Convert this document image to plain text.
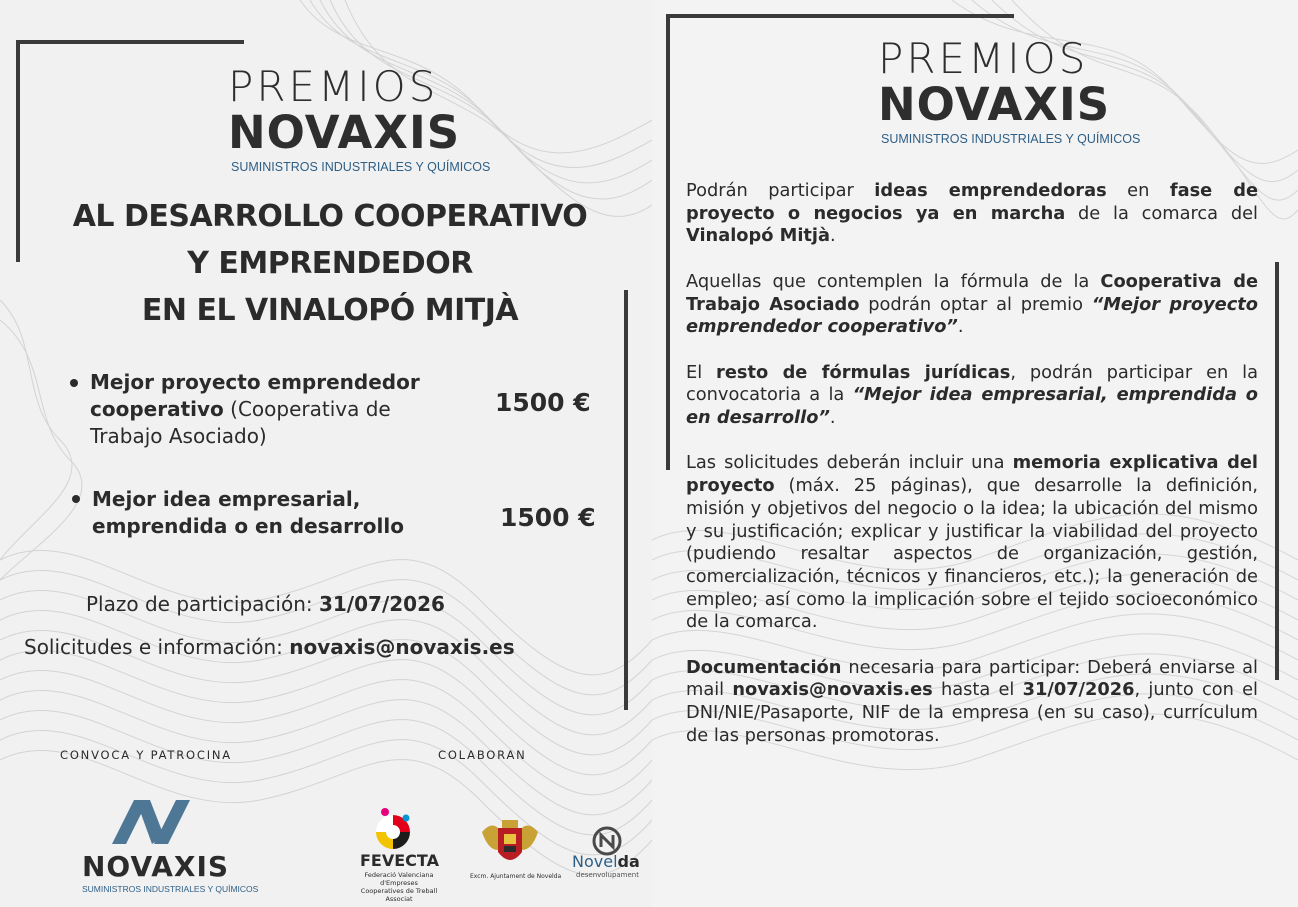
PREMIOS
NOVAXIS
SUMINISTROS INDUSTRIALES Y QUÍMICOS
AL DESARROLLO COOPERATIVO
Y EMPRENDEDOR
EN EL VINALOPÓ MITJÀ
Mejor proyecto emprendedor cooperativo (Cooperativa de Trabajo Asociado)
1500 €
Mejor idea empresarial, emprendida o en desarrollo	1500 €
Plazo de participación: 31/07/2026
Solicitudes e información: novaxis@novaxis.es
CONVOCA Y PATROCINA	COLABORAN
NOVAXIS
SUMINISTROS INDUSTRIALES Y QUÍMICOS
FEVECTA
Federació Valenciana d'Empreses
Cooperatives de Treball Associat
Excm. Ajuntament de Novelda
Novelda
desenvolupament
PREMIOS
NOVAXIS
SUMINISTROS INDUSTRIALES Y QUÍMICOS

Podrán participar ideas emprendedoras en fase de proyecto o negocios ya en marcha de la comarca del Vinalopó Mitjà.

Aquellas que contemplen la fórmula de la Cooperativa de Trabajo Asociado podrán optar al premio “Mejor proyecto emprendedor cooperativo”.

El resto de fórmulas jurídicas, podrán participar en la convocatoria a la “Mejor idea empresarial, emprendida o en desarrollo”.

Las solicitudes deberán incluir una memoria explicativa del proyecto (máx. 25 páginas), que desarrolle la definición, misión y objetivos del negocio o la idea; la ubicación del mismo y su justificación; explicar y justificar la viabilidad del proyecto (pudiendo resaltar aspectos de organización, gestión, comercialización, técnicos y financieros, etc.); la generación de empleo; así como la implicación sobre el tejido socioeconómico de la comarca.

Documentación necesaria para participar: Deberá enviarse al mail novaxis@novaxis.es hasta el 31/07/2026, junto con el DNI/NIE/Pasaporte, NIF de la empresa (en su caso), currículum de las personas promotoras.
